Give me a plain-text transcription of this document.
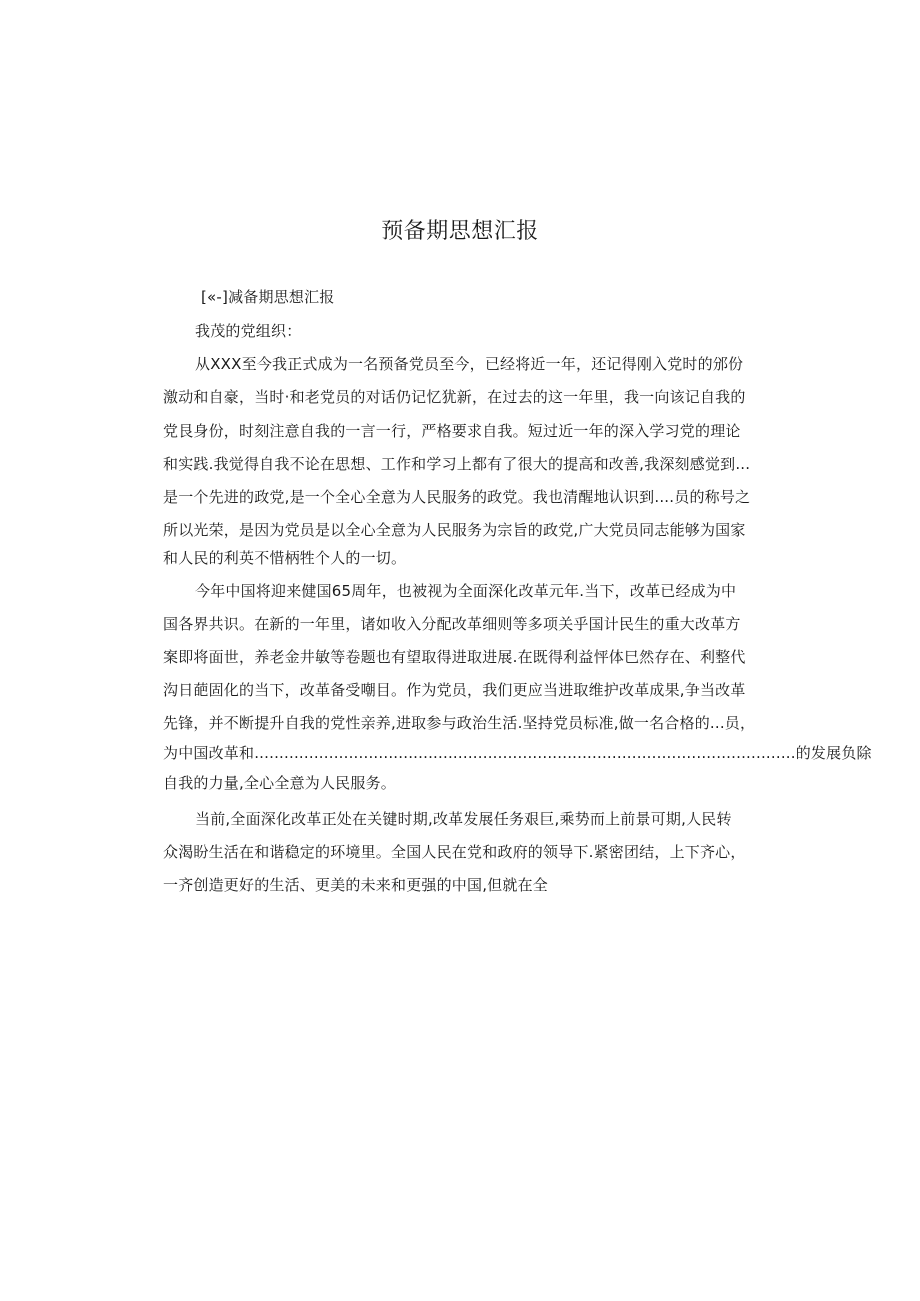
预备期思想汇报
[«-]减备期思想汇报
我茂的党组织：
从XXX至今我正式成为一名预备党员至今，已经将近一年，还记得刚入党时的邠份
激动和自豪，当时·和老党员的对话仍记忆犹新，在过去的这一年里，我一向该记自我的
党艮身份，时刻注意自我的一言一行，严格要求自我。短过近一年的深入学习党的理论
和实践.我觉得自我不论在思想、工作和学习上都有了很大的提高和改善,我深刻感觉到...
是一个先进的政党,是一个全心全意为人民服务的政党。我也清醒地认识到....员的称号之
所以光荣，是因为党员是以全心全意为人民服务为宗旨的政党,广大党员同志能够为国家
和人民的利英不惜柄牲个人的一切。
今年中国将迎来健国65周年，也被视为全面深化改革元年.当下，改革已经成为中
国各界共识。在新的一年里，诸如收入分配改革细则等多项关乎国计民生的重大改革方
案即将面世，养老金井敏等卷题也有望取得进取进展.在既得利益怦体巳然存在、利整代
沟日葩固化的当下，改革备受嘲目。作为党员，我们更应当进取维护改革成果,争当改革
先锋，并不断提升自我的党性亲养,进取参与政治生活.坚持党员标准,做一名合格的...员，
为中国改革和.............................................................................................................的发展负除
自我的力量,全心全意为人民服务。
当前,全面深化改革正处在关键时期,改革发展任务艰巨,乘势而上前景可期,人民转
众渴盼生活在和谐稳定的环境里。全国人民在党和政府的领导下.紧密团结，上下齐心，
一齐创造更好的生活、更美的未来和更强的中国,但就在全
